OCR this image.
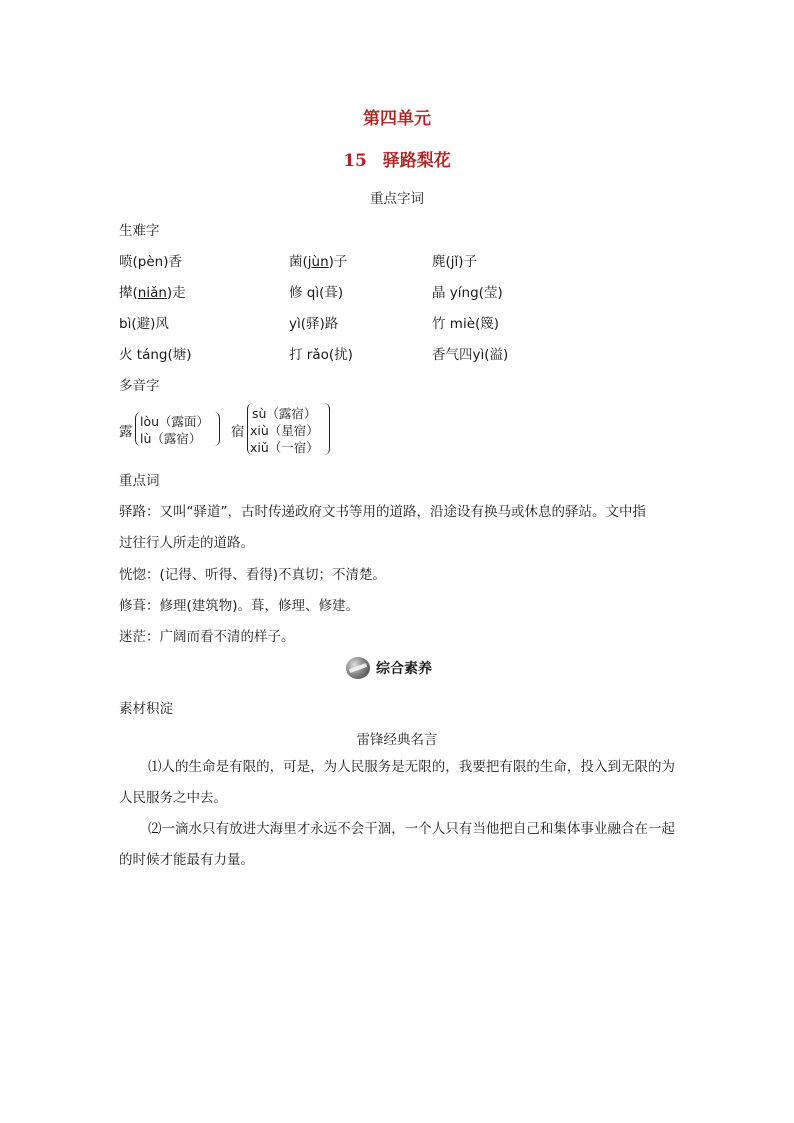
第四单元
15 驿路梨花
重点字词
生难字
喷(pèn)香	菌(jùn)子	麂(jǐ)子
撵(niǎn)走	修 qì(葺)	晶 yíng(莹)
bì(避)风	yì(驿)路	竹 miè(篾)
火 táng(塘)	打 rǎo(扰)	香气四yì(溢)
多音字
露
lòu（露面）
lù（露宿） 宿
sù（露宿）
xiù（星宿）
xiǔ（一宿）
重点词
驿路：又叫“驿道”，古时传递政府文书等用的道路，沿途设有换马或休息的驿站。文中指
过往行人所走的道路。
恍惚：(记得、听得、看得)不真切；不清楚。
修葺：修理(建筑物)。葺，修理、修建。
迷茫：广阔而看不清的样子。
综合素养
素材积淀
雷锋经典名言
⑴人的生命是有限的，可是，为人民服务是无限的，我要把有限的生命，投入到无限的为人民服务之中去。
⑵一滴水只有放进大海里才永远不会干涸，一个人只有当他把自己和集体事业融合在一起的时候才能最有力量。
